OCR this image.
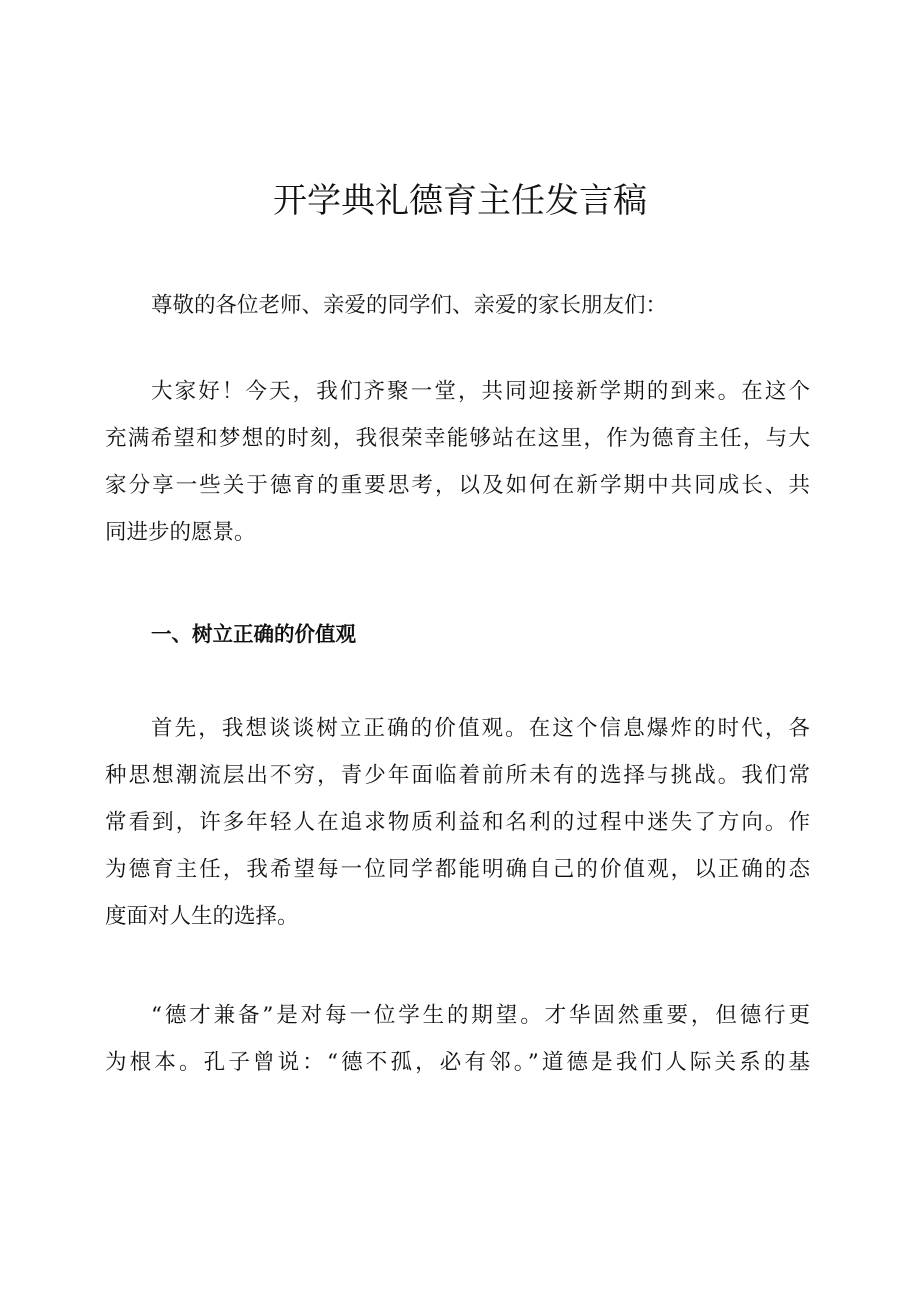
开学典礼德育主任发言稿

尊敬的各位老师、亲爱的同学们、亲爱的家长朋友们：

大家好！今天，我们齐聚一堂，共同迎接新学期的到来。在这个
充满希望和梦想的时刻，我很荣幸能够站在这里，作为德育主任，与大
家分享一些关于德育的重要思考，以及如何在新学期中共同成长、共
同进步的愿景。

一、树立正确的价值观

首先，我想谈谈树立正确的价值观。在这个信息爆炸的时代，各
种思想潮流层出不穷，青少年面临着前所未有的选择与挑战。我们常
常看到，许多年轻人在追求物质利益和名利的过程中迷失了方向。作
为德育主任，我希望每一位同学都能明确自己的价值观，以正确的态
度面对人生的选择。

“德才兼备”是对每一位学生的期望。才华固然重要，但德行更
为根本。孔子曾说：“德不孤，必有邻。”道德是我们人际关系的基
